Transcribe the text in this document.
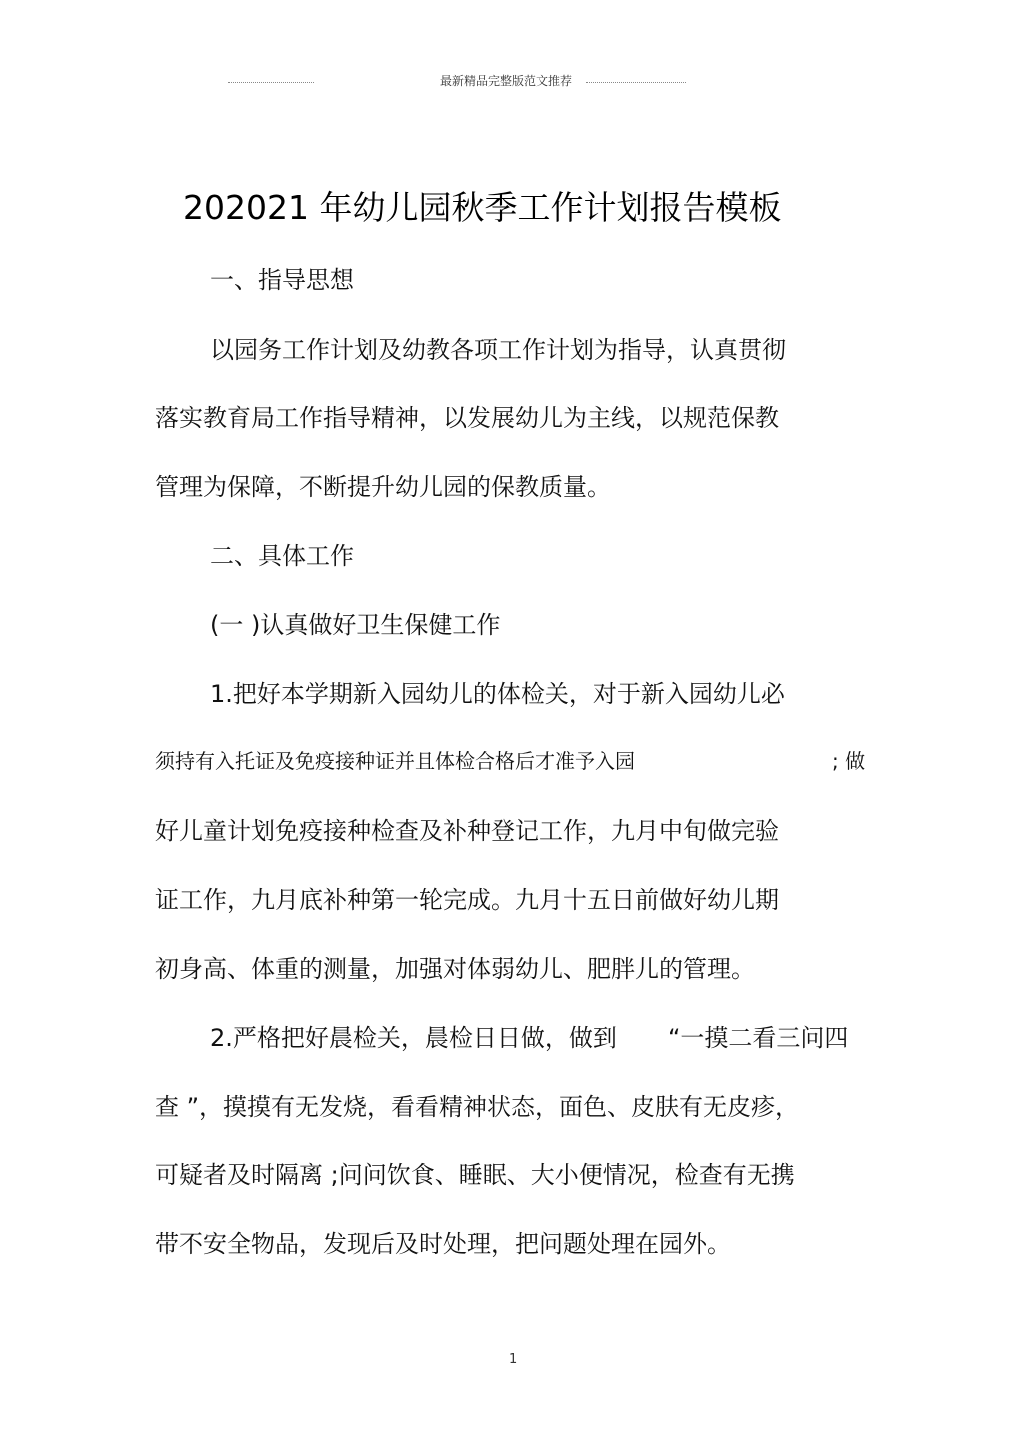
最新精品完整版范文推荐
202021 年幼儿园秋季工作计划报告模板
一、指导思想
以园务工作计划及幼教各项工作计划为指导，认真贯彻
落实教育局工作指导精神，以发展幼儿为主线，以规范保教
管理为保障，不断提升幼儿园的保教质量。
二、具体工作
(一 )认真做好卫生保健工作
1.把好本学期新入园幼儿的体检关，对于新入园幼儿必
须持有入托证及免疫接种证并且体检合格后才准予入园	; 做
好儿童计划免疫接种检查及补种登记工作，九月中旬做完验
证工作，九月底补种第一轮完成。九月十五日前做好幼儿期
初身高、体重的测量，加强对体弱幼儿、肥胖儿的管理。
2.严格把好晨检关，晨检日日做，做到 “一摸二看三问四
查 ”，摸摸有无发烧，看看精神状态，面色、皮肤有无皮疹，
可疑者及时隔离 ;问问饮食、睡眠、大小便情况，检查有无携
带不安全物品，发现后及时处理，把问题处理在园外。
1
